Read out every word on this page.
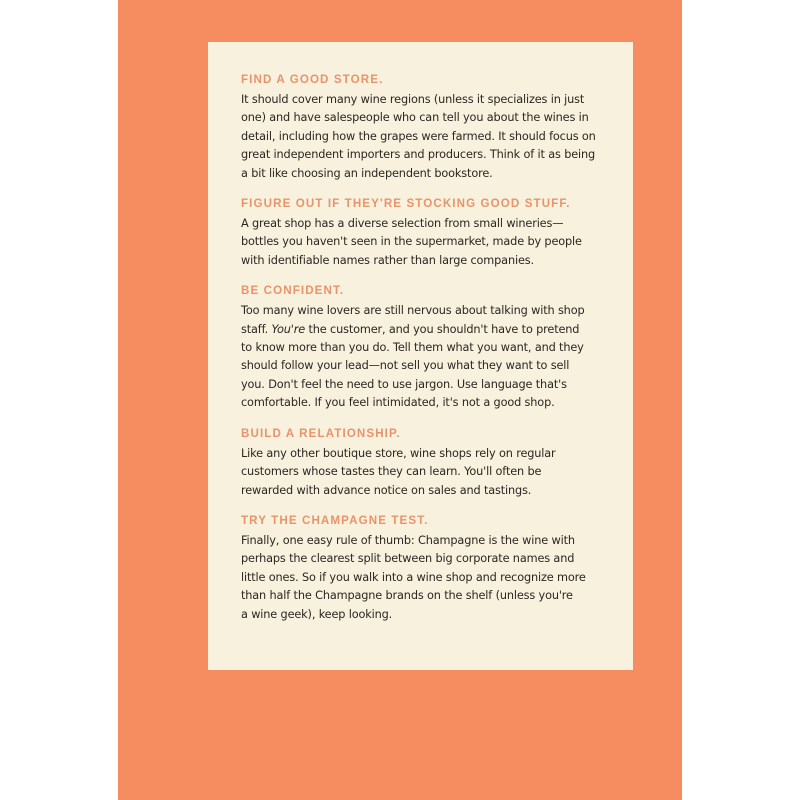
FIND A GOOD STORE.

It should cover many wine regions (unless it specializes in just
one) and have salespeople who can tell you about the wines in
detail, including how the grapes were farmed. It should focus on
great independent importers and producers. Think of it as being
a bit like choosing an independent bookstore.

FIGURE OUT IF THEY'RE STOCKING GOOD STUFF.

A great shop has a diverse selection from small wineries—
bottles you haven't seen in the supermarket, made by people
with identifiable names rather than large companies.

BE CONFIDENT.

Too many wine lovers are still nervous about talking with shop
staff. You're the customer, and you shouldn't have to pretend
to know more than you do. Tell them what you want, and they
should follow your lead—not sell you what they want to sell
you. Don't feel the need to use jargon. Use language that's
comfortable. If you feel intimidated, it's not a good shop.

BUILD A RELATIONSHIP.

Like any other boutique store, wine shops rely on regular
customers whose tastes they can learn. You'll often be
rewarded with advance notice on sales and tastings.

TRY THE CHAMPAGNE TEST.

Finally, one easy rule of thumb: Champagne is the wine with
perhaps the clearest split between big corporate names and
little ones. So if you walk into a wine shop and recognize more
than half the Champagne brands on the shelf (unless you're
a wine geek), keep looking.
